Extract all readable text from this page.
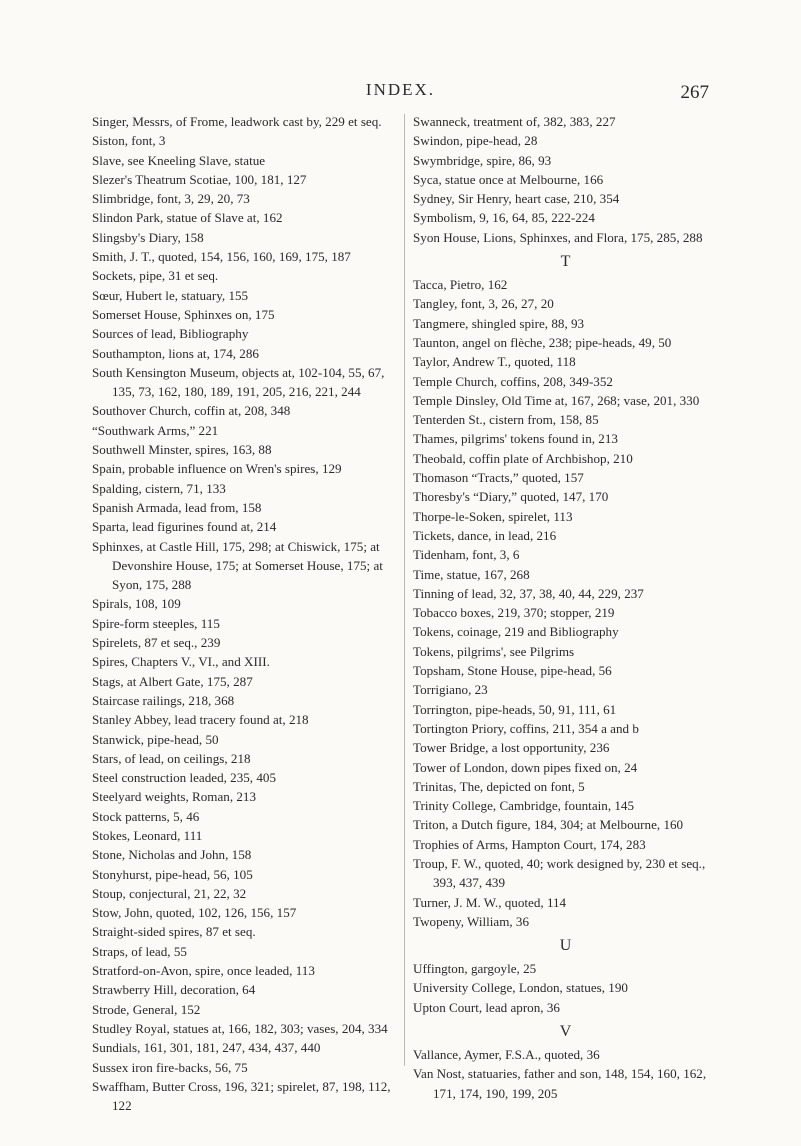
INDEX.	267
Singer, Messrs, of Frome, leadwork cast by, 229 et seq.
Siston, font, 3
Slave, see Kneeling Slave, statue
Slezer's Theatrum Scotiae, 100, 181, 127
Slimbridge, font, 3, 29, 20, 73
Slindon Park, statue of Slave at, 162
Slingsby's Diary, 158
Smith, J. T., quoted, 154, 156, 160, 169, 175, 187
Sockets, pipe, 31 et seq.
Sœur, Hubert le, statuary, 155
Somerset House, Sphinxes on, 175
Sources of lead, Bibliography
Southampton, lions at, 174, 286
South Kensington Museum, objects at, 102-104, 55, 67, 135, 73, 162, 180, 189, 191, 205, 216, 221, 244
Southover Church, coffin at, 208, 348
“Southwark Arms,” 221
Southwell Minster, spires, 163, 88
Spain, probable influence on Wren's spires, 129
Spalding, cistern, 71, 133
Spanish Armada, lead from, 158
Sparta, lead figurines found at, 214
Sphinxes, at Castle Hill, 175, 298; at Chiswick, 175; at Devonshire House, 175; at Somerset House, 175; at Syon, 175, 288
Spirals, 108, 109
Spire-form steeples, 115
Spirelets, 87 et seq., 239
Spires, Chapters V., VI., and XIII.
Stags, at Albert Gate, 175, 287
Staircase railings, 218, 368
Stanley Abbey, lead tracery found at, 218
Stanwick, pipe-head, 50
Stars, of lead, on ceilings, 218
Steel construction leaded, 235, 405
Steelyard weights, Roman, 213
Stock patterns, 5, 46
Stokes, Leonard, 111
Stone, Nicholas and John, 158
Stonyhurst, pipe-head, 56, 105
Stoup, conjectural, 21, 22, 32
Stow, John, quoted, 102, 126, 156, 157
Straight-sided spires, 87 et seq.
Straps, of lead, 55
Stratford-on-Avon, spire, once leaded, 113
Strawberry Hill, decoration, 64
Strode, General, 152
Studley Royal, statues at, 166, 182, 303; vases, 204, 334
Sundials, 161, 301, 181, 247, 434, 437, 440
Sussex iron fire-backs, 56, 75
Swaffham, Butter Cross, 196, 321; spirelet, 87, 198, 112, 122
Swanneck, treatment of, 382, 383, 227
Swindon, pipe-head, 28
Swymbridge, spire, 86, 93
Syca, statue once at Melbourne, 166
Sydney, Sir Henry, heart case, 210, 354
Symbolism, 9, 16, 64, 85, 222-224
Syon House, Lions, Sphinxes, and Flora, 175, 285, 288
T
Tacca, Pietro, 162
Tangley, font, 3, 26, 27, 20
Tangmere, shingled spire, 88, 93
Taunton, angel on flèche, 238; pipe-heads, 49, 50
Taylor, Andrew T., quoted, 118
Temple Church, coffins, 208, 349-352
Temple Dinsley, Old Time at, 167, 268; vase, 201, 330
Tenterden St., cistern from, 158, 85
Thames, pilgrims' tokens found in, 213
Theobald, coffin plate of Archbishop, 210
Thomason “Tracts,” quoted, 157
Thoresby's “Diary,” quoted, 147, 170
Thorpe-le-Soken, spirelet, 113
Tickets, dance, in lead, 216
Tidenham, font, 3, 6
Time, statue, 167, 268
Tinning of lead, 32, 37, 38, 40, 44, 229, 237
Tobacco boxes, 219, 370; stopper, 219
Tokens, coinage, 219 and Bibliography
Tokens, pilgrims', see Pilgrims
Topsham, Stone House, pipe-head, 56
Torrigiano, 23
Torrington, pipe-heads, 50, 91, 111, 61
Tortington Priory, coffins, 211, 354 a and b
Tower Bridge, a lost opportunity, 236
Tower of London, down pipes fixed on, 24
Trinitas, The, depicted on font, 5
Trinity College, Cambridge, fountain, 145
Triton, a Dutch figure, 184, 304; at Melbourne, 160
Trophies of Arms, Hampton Court, 174, 283
Troup, F. W., quoted, 40; work designed by, 230 et seq., 393, 437, 439
Turner, J. M. W., quoted, 114
Twopeny, William, 36
U
Uffington, gargoyle, 25
University College, London, statues, 190
Upton Court, lead apron, 36
V
Vallance, Aymer, F.S.A., quoted, 36
Van Nost, statuaries, father and son, 148, 154, 160, 162, 171, 174, 190, 199, 205
